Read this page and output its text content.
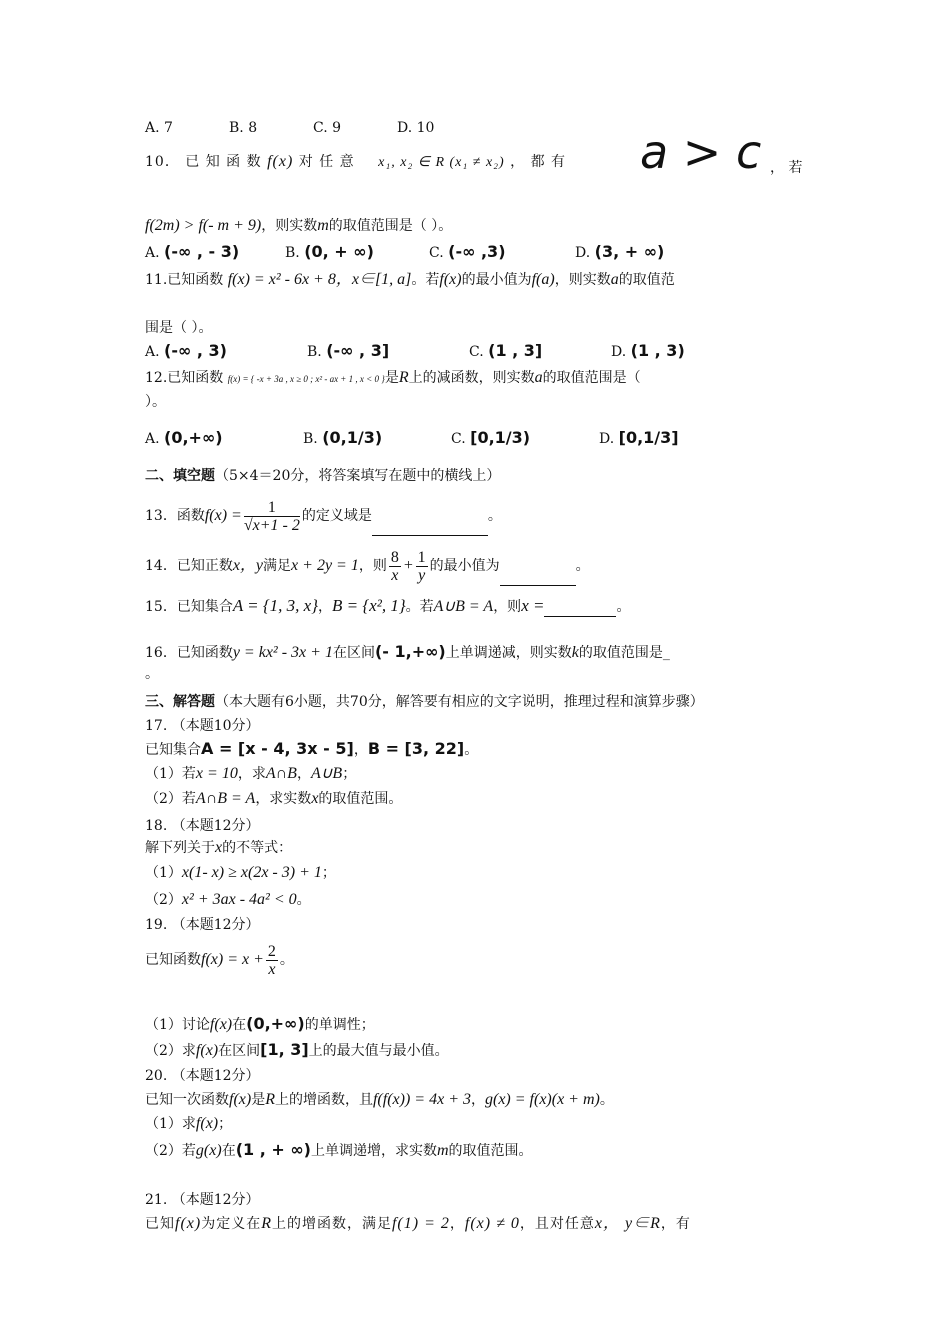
A. 7	B. 8	C. 9	D. 10
10． 已 知 函 数 f(x) 对 任 意 x₁, x₂ ∈ R (x₁ ≠ x₂) ， 都 有 a > c ， 若
f(2m) > f(- m + 9)，则实数m的取值范围是（ ）。
A. (-∞ , - 3)	B. (0, + ∞)	C. (-∞ ,3)	D. (3, + ∞)
11.已知函数 f(x) = x² - 6x + 8，x∈[1, a]。若f(x)的最小值为f(a)，则实数a的取值范
围是（ ）。
A. (-∞ , 3)	B. (-∞ , 3]	C. (1 , 3]	D. (1 , 3)
12.已知函数 f(x) = { -x + 3a , x ≥ 0 ; x² - ax + 1 , x < 0 }是R上的减函数，则实数a的取值范围是（
）。
A. (0,+∞)	B. (0,1/3)	C. [0,1/3)	D. [0,1/3]
二、填空题（5×4＝20分，将答案填写在题中的横线上）
13．函数$f(x) = \frac{1}{√x+1 - 2}$ 的定义域是	。
14．已知正数x，y满足x + 2y = 1，则 $\frac{8}{x} + \frac{1}{y}$ 的最小值为	。
15．已知集合A = {1, 3, x}，B = {x², 1}。若A∪B = A，则x =	。
16．已知函数y = kx² - 3x + 1在区间(- 1,+∞)上单调递减，则实数k的取值范围是_
。
三、解答题（本大题有6小题，共70分，解答要有相应的文字说明，推理过程和演算步骤）
17. （本题10分）
已知集合A = [x - 4, 3x - 5]，B = [3, 22]。
（1）若x = 10，求A∩B，A∪B；
（2）若A∩B = A，求实数x的取值范围。
18. （本题12分）
解下列关于x的不等式：
（1）x(1- x) ≥ x(2x - 3) + 1；
（2）x² + 3ax - 4a² < 0。
19. （本题12分）
已知函数$f(x) = x + \frac{2}{x}$ 。
（1）讨论f(x)在(0,+∞)的单调性；
（2）求f(x)在区间[1, 3]上的最大值与最小值。
20. （本题12分）
已知一次函数f(x)是R上的增函数，且f(f(x)) = 4x + 3，g(x) = f(x)(x + m)。
（1）求f(x)；
（2）若g(x)在(1 , + ∞)上单调递增，求实数m的取值范围。
21. （本题12分）
已知f(x)为定义在R上的增函数，满足f(1) = 2，f(x) ≠ 0，且对任意x， y∈R，有
